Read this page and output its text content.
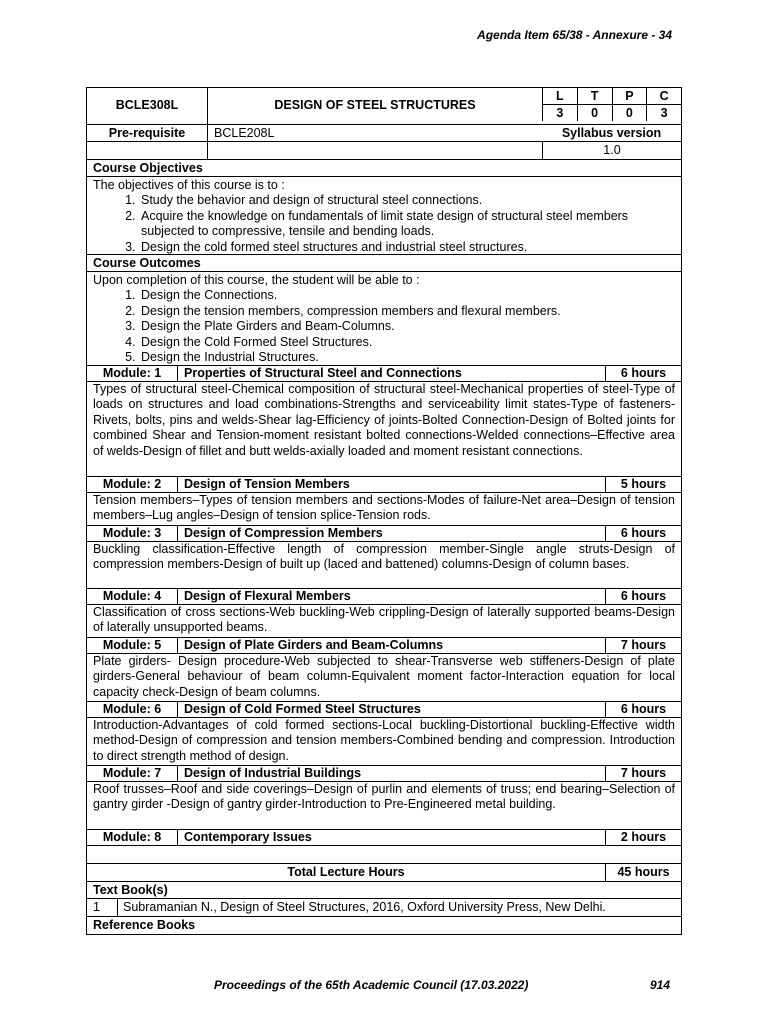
Agenda Item 65/38 - Annexure - 34
BCLE308L	DESIGN OF STEEL STRUCTURES
L	T	P	C
3	0	0	3
Pre-requisite	BCLE208L	Syllabus version
1.0
Course Objectives
The objectives of this course is to :
1. Study the behavior and design of structural steel connections.
2. Acquire the knowledge on fundamentals of limit state design of structural steel members subjected to compressive, tensile and bending loads.
3. Design the cold formed steel structures and industrial steel structures.
Course Outcomes
Upon completion of this course, the student will be able to :
1. Design the Connections.
2. Design the tension members, compression members and flexural members.
3. Design the Plate Girders and Beam-Columns.
4. Design the Cold Formed Steel Structures.
5. Design the Industrial Structures.
Module: 1	Properties of Structural Steel and Connections	6 hours
Types of structural steel-Chemical composition of structural steel-Mechanical properties of steel-Type of loads on structures and load combinations-Strengths and serviceability limit states-Type of fasteners-Rivets, bolts, pins and welds-Shear lag-Efficiency of joints-Bolted Connection-Design of Bolted joints for combined Shear and Tension-moment resistant bolted connections-Welded connections–Effective area of welds-Design of fillet and butt welds-axially loaded and moment resistant connections.
Module: 2	Design of Tension Members	5 hours
Tension members–Types of tension members and sections-Modes of failure-Net area–Design of tension members–Lug angles–Design of tension splice-Tension rods.
Module: 3	Design of Compression Members	6 hours
Buckling classification-Effective length of compression member-Single angle struts-Design of compression members-Design of built up (laced and battened) columns-Design of column bases.
Module: 4	Design of Flexural Members	6 hours
Classification of cross sections-Web buckling-Web crippling-Design of laterally supported beams-Design of laterally unsupported beams.
Module: 5	Design of Plate Girders and Beam-Columns	7 hours
Plate girders- Design procedure-Web subjected to shear-Transverse web stiffeners-Design of plate girders-General behaviour of beam column-Equivalent moment factor-Interaction equation for local capacity check-Design of beam columns.
Module: 6	Design of Cold Formed Steel Structures	6 hours
Introduction-Advantages of cold formed sections-Local buckling-Distortional buckling-Effective width method-Design of compression and tension members-Combined bending and compression. Introduction to direct strength method of design.
Module: 7	Design of Industrial Buildings	7 hours
Roof trusses–Roof and side coverings–Design of purlin and elements of truss; end bearing–Selection of gantry girder -Design of gantry girder-Introduction to Pre-Engineered metal building.
Module: 8	Contemporary Issues	2 hours
Total Lecture Hours	45 hours
Text Book(s)
1	Subramanian N., Design of Steel Structures, 2016, Oxford University Press, New Delhi.
Reference Books
Proceedings of the 65th Academic Council (17.03.2022)	914
